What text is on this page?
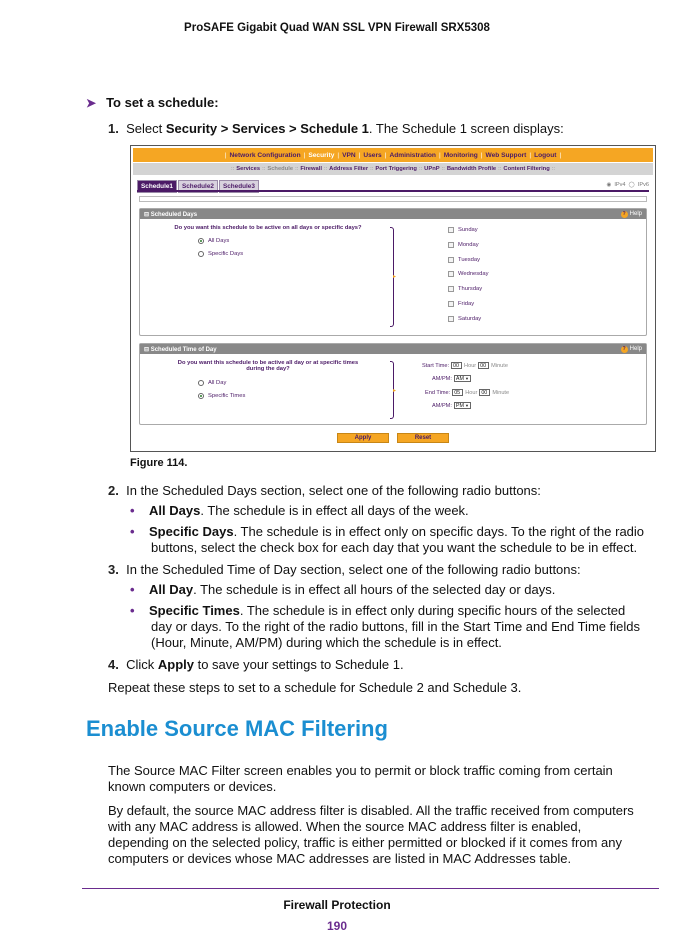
ProSAFE Gigabit Quad WAN SSL VPN Firewall SRX5308
➤ To set a schedule:
1. Select Security > Services > Schedule 1. The Schedule 1 screen displays:
| Network Configuration | Security | VPN | Users | Administration | Monitoring | Web Support | Logout |
:: Services :: Schedule :: Firewall :: Address Filter :: Port Triggering :: UPnP :: Bandwidth Profile :: Content Filtering ::
Schedule1	Schedule2	Schedule3	◉ IPv4 ◯ IPv6
⊟ Scheduled Days	? Help
Do you want this schedule to be active on all days or specific days?
All Days
Specific Days
▸
Sunday
Monday
Tuesday
Wednesday
Thursday
Friday
Saturday
⊟ Scheduled Time of Day	? Help
Do you want this schedule to be active all day or at specific times
during the day?
All Day
Specific Times
▸
Start Time: 00 Hour 00 Minute
AM/PM: AM▼
End Time: 05 Hour 00 Minute
AM/PM: PM▼
Apply	Reset
Figure 114.
2. In the Scheduled Days section, select one of the following radio buttons:
• All Days. The schedule is in effect all days of the week.
• Specific Days. The schedule is in effect only on specific days. To the right of the radio
buttons, select the check box for each day that you want the schedule to be in effect.
3. In the Scheduled Time of Day section, select one of the following radio buttons:
• All Day. The schedule is in effect all hours of the selected day or days.
• Specific Times. The schedule is in effect only during specific hours of the selected
day or days. To the right of the radio buttons, fill in the Start Time and End Time fields
(Hour, Minute, AM/PM) during which the schedule is in effect.
4. Click Apply to save your settings to Schedule 1.
Repeat these steps to set to a schedule for Schedule 2 and Schedule 3.
Enable Source MAC Filtering
The Source MAC Filter screen enables you to permit or block traffic coming from certain
known computers or devices.
By default, the source MAC address filter is disabled. All the traffic received from computers
with any MAC address is allowed. When the source MAC address filter is enabled,
depending on the selected policy, traffic is either permitted or blocked if it comes from any
computers or devices whose MAC addresses are listed in MAC Addresses table.
Firewall Protection
190
